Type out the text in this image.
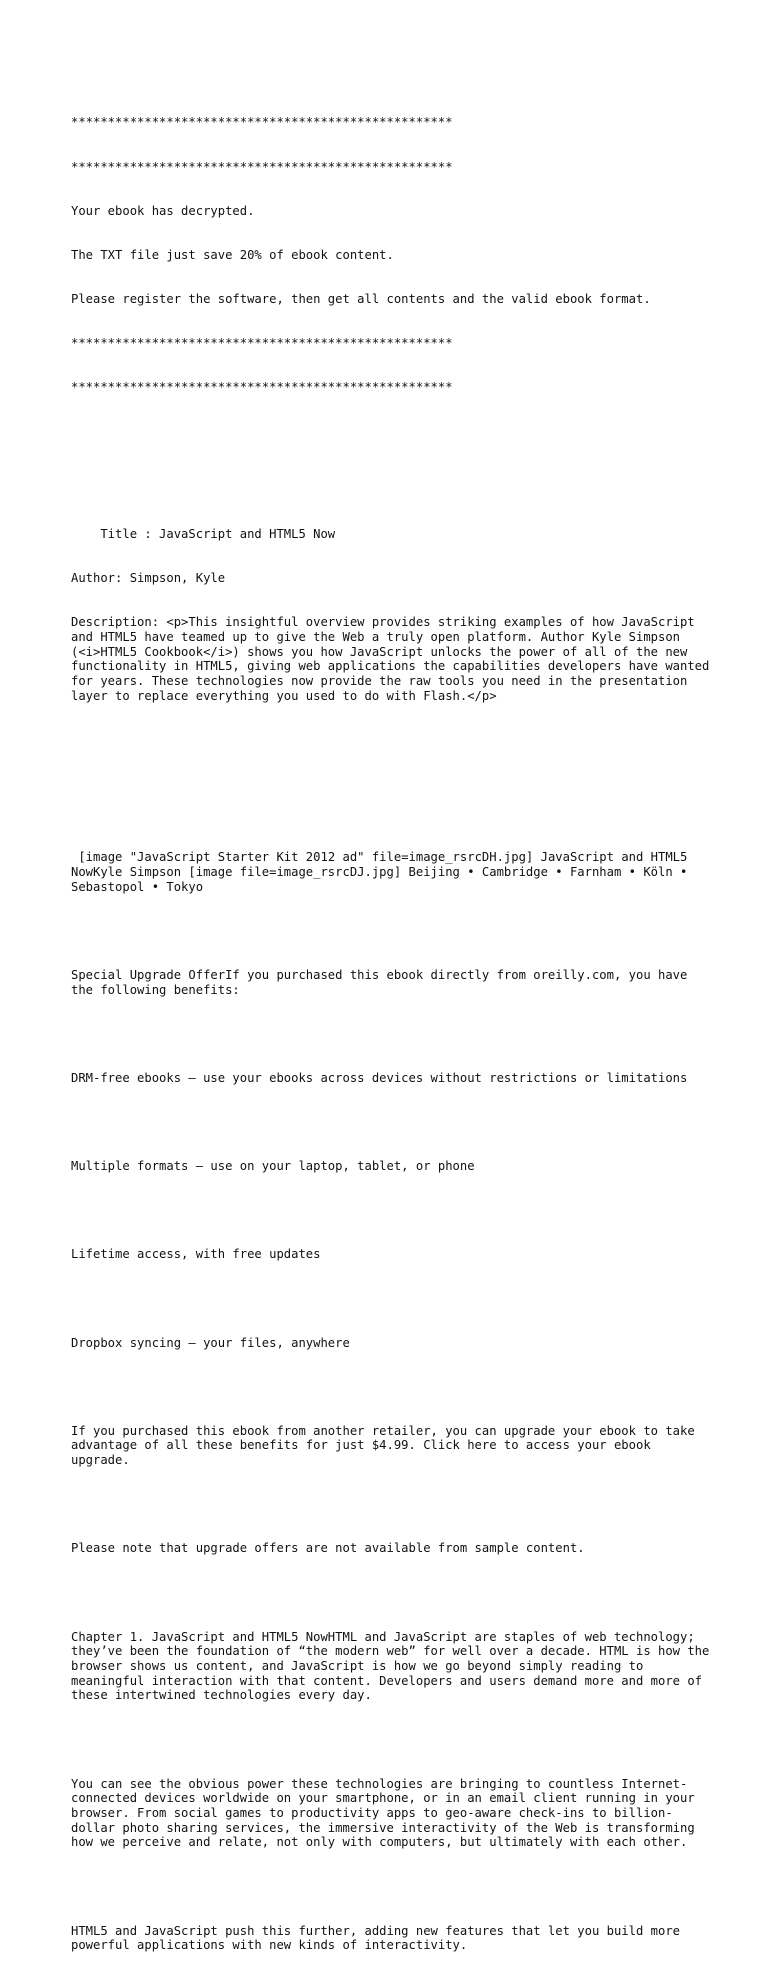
****************************************************

****************************************************

Your ebook has decrypted.

The TXT file just save 20% of ebook content.

Please register the software, then get all contents and the valid ebook format.

****************************************************

****************************************************

Title : JavaScript and HTML5 Now

Author: Simpson, Kyle

Description: <p>This insightful overview provides striking examples of how JavaScript and HTML5 have teamed up to give the Web a truly open platform. Author Kyle Simpson (<i>HTML5 Cookbook</i>) shows you how JavaScript unlocks the power of all of the new functionality in HTML5, giving web applications the capabilities developers have wanted for years. These technologies now provide the raw tools you need in the presentation layer to replace everything you used to do with Flash.</p>

[image "JavaScript Starter Kit 2012 ad" file=image_rsrcDH.jpg] JavaScript and HTML5 NowKyle Simpson [image file=image_rsrcDJ.jpg] Beijing • Cambridge • Farnham • Köln • Sebastopol • Tokyo

Special Upgrade OfferIf you purchased this ebook directly from oreilly.com, you have the following benefits:

DRM-free ebooks — use your ebooks across devices without restrictions or limitations

Multiple formats — use on your laptop, tablet, or phone

Lifetime access, with free updates

Dropbox syncing — your files, anywhere

If you purchased this ebook from another retailer, you can upgrade your ebook to take advantage of all these benefits for just $4.99. Click here to access your ebook upgrade.

Please note that upgrade offers are not available from sample content.

Chapter 1. JavaScript and HTML5 NowHTML and JavaScript are staples of web technology; they’ve been the foundation of “the modern web” for well over a decade. HTML is how the browser shows us content, and JavaScript is how we go beyond simply reading to meaningful interaction with that content. Developers and users demand more and more of these intertwined technologies every day.

You can see the obvious power these technologies are bringing to countless Internet-connected devices worldwide on your smartphone, or in an email client running in your browser. From social games to productivity apps to geo-aware check-ins to billion-dollar photo sharing services, the immersive interactivity of the Web is transforming how we perceive and relate, not only with computers, but ultimately with each other.

HTML5 and JavaScript push this further, adding new features that let you build more powerful applications with new kinds of interactivity.
